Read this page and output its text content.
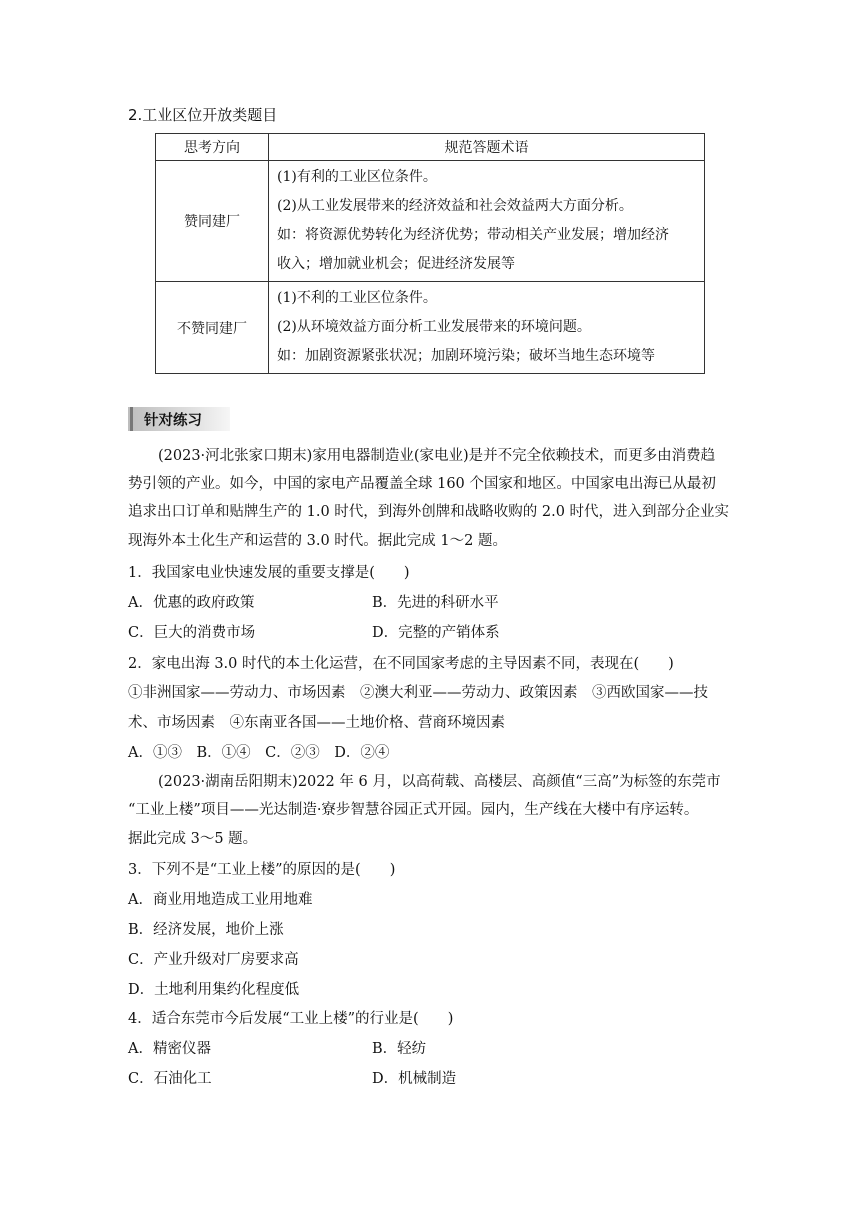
2.工业区位开放类题目
思考方向	规范答题术语
赞同建厂	(1)有利的工业区位条件。
(2)从工业发展带来的经济效益和社会效益两大方面分析。
如：将资源优势转化为经济优势；带动相关产业发展；增加经济
收入；增加就业机会；促进经济发展等

不赞同建厂	(1)不利的工业区位条件。
(2)从环境效益方面分析工业发展带来的环境问题。
如：加剧资源紧张状况；加剧环境污染；破坏当地生态环境等
针对练习
(2023·河北张家口期末)家用电器制造业(家电业)是并不完全依赖技术，而更多由消费趋
势引领的产业。如今，中国的家电产品覆盖全球 160 个国家和地区。中国家电出海已从最初
追求出口订单和贴牌生产的 1.0 时代，到海外创牌和战略收购的 2.0 时代，进入到部分企业实
现海外本土化生产和运营的 3.0 时代。据此完成 1～2 题。
1．我国家电业快速发展的重要支撑是(　　)
A．优惠的政府政策	B．先进的科研水平
C．巨大的消费市场	D．完整的产销体系
2．家电出海 3.0 时代的本土化运营，在不同国家考虑的主导因素不同，表现在(　　)
①非洲国家——劳动力、市场因素　②澳大利亚——劳动力、政策因素　③西欧国家——技
术、市场因素　④东南亚各国——土地价格、营商环境因素
A．①③　B．①④　C．②③　D．②④
(2023·湖南岳阳期末)2022 年 6 月，以高荷载、高楼层、高颜值“三高”为标签的东莞市
“工业上楼”项目——光达制造·寮步智慧谷园正式开园。园内，生产线在大楼中有序运转。
据此完成 3～5 题。
3．下列不是“工业上楼”的原因的是(　　)
A．商业用地造成工业用地难
B．经济发展，地价上涨
C．产业升级对厂房要求高
D．土地利用集约化程度低
4．适合东莞市今后发展“工业上楼”的行业是(　　)
A．精密仪器	B．轻纺
C．石油化工	D．机械制造
